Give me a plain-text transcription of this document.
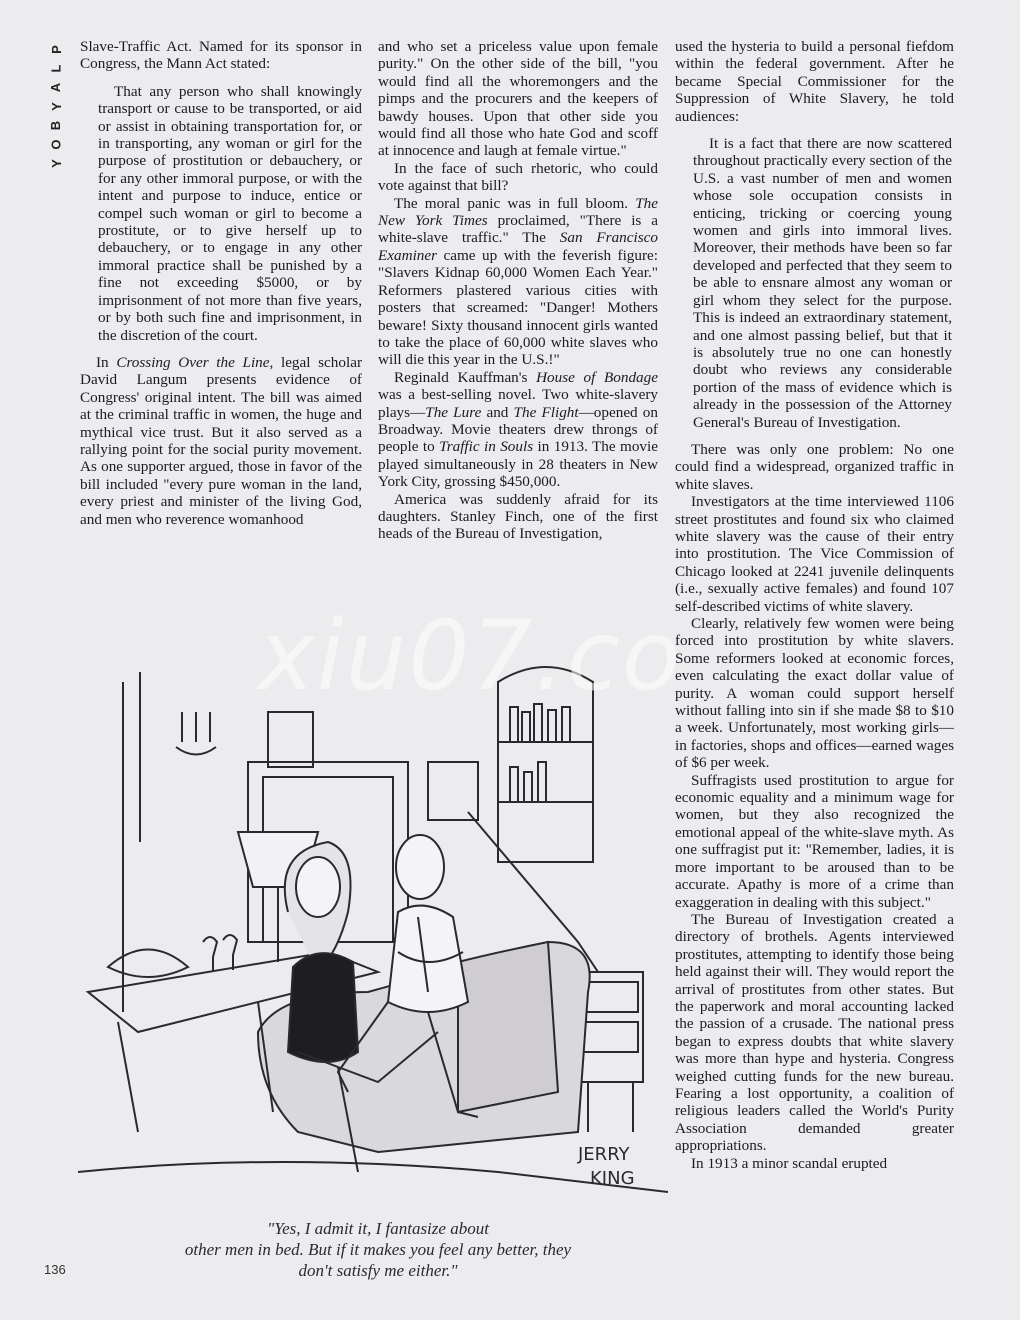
P
L
A
Y
B
O
Y

Slave-Traffic Act. Named for its sponsor in Congress, the Mann Act stated:

That any person who shall knowingly transport or cause to be transported, or aid or assist in obtaining transportation for, or in transporting, any woman or girl for the purpose of prostitution or debauchery, or for any other immoral purpose, or with the intent and purpose to induce, entice or compel such woman or girl to become a prostitute, or to give herself up to debauchery, or to engage in any other immoral practice shall be punished by a fine not exceeding $5000, or by imprisonment of not more than five years, or by both such fine and imprisonment, in the discretion of the court.

In Crossing Over the Line, legal scholar David Langum presents evidence of Congress' original intent. The bill was aimed at the criminal traffic in women, the huge and mythical vice trust. But it also served as a rallying point for the social purity movement. As one supporter argued, those in favor of the bill included "every pure woman in the land, every priest and minister of the living God, and men who reverence womanhood

and who set a priceless value upon female purity." On the other side of the bill, "you would find all the whoremongers and the pimps and the procurers and the keepers of bawdy houses. Upon that other side you would find all those who hate God and scoff at innocence and laugh at female virtue."

In the face of such rhetoric, who could vote against that bill?

The moral panic was in full bloom. The New York Times proclaimed, "There is a white-slave traffic." The San Francisco Examiner came up with the feverish figure: "Slavers Kidnap 60,000 Women Each Year." Reformers plastered various cities with posters that screamed: "Danger! Mothers beware! Sixty thousand innocent girls wanted to take the place of 60,000 white slaves who will die this year in the U.S.!"

Reginald Kauffman's House of Bondage was a best-selling novel. Two white-slavery plays—The Lure and The Flight—opened on Broadway. Movie theaters drew throngs of people to Traffic in Souls in 1913. The movie played simultaneously in 28 theaters in New York City, grossing $450,000.

America was suddenly afraid for its daughters. Stanley Finch, one of the first heads of the Bureau of Investigation,

used the hysteria to build a personal fiefdom within the federal government. After he became Special Commissioner for the Suppression of White Slavery, he told audiences:

It is a fact that there are now scattered throughout practically every section of the U.S. a vast number of men and women whose sole occupation consists in enticing, tricking or coercing young women and girls into immoral lives. Moreover, their methods have been so far developed and perfected that they seem to be able to ensnare almost any woman or girl whom they select for the purpose. This is indeed an extraordinary statement, and one almost passing belief, but that it is absolutely true no one can honestly doubt who reviews any considerable portion of the mass of evidence which is already in the possession of the Attorney General's Bureau of Investigation.

There was only one problem: No one could find a widespread, organized traffic in white slaves.

Investigators at the time interviewed 1106 street prostitutes and found six who claimed white slavery was the cause of their entry into prostitution. The Vice Commission of Chicago looked at 2241 juvenile delinquents (i.e., sexually active females) and found 107 self-described victims of white slavery.

Clearly, relatively few women were being forced into prostitution by white slavers. Some reformers looked at economic forces, even calculating the exact dollar value of purity. A woman could support herself without falling into sin if she made $8 to $10 a week. Unfortunately, most working girls—in factories, shops and offices—earned wages of $6 per week.

Suffragists used prostitution to argue for economic equality and a minimum wage for women, but they also recognized the emotional appeal of the white-slave myth. As one suffragist put it: "Remember, ladies, it is more important to be aroused than to be accurate. Apathy is more of a crime than exaggeration in dealing with this subject."

The Bureau of Investigation created a directory of brothels. Agents interviewed prostitutes, attempting to identify those being held against their will. They would report the arrival of prostitutes from other states. But the paperwork and moral accounting lacked the passion of a crusade. The national press began to express doubts that white slavery was more than hype and hysteria. Congress weighed cutting funds for the new bureau. Fearing a lost opportunity, a coalition of religious leaders called the World's Purity Association demanded greater appropriations.

In 1913 a minor scandal erupted

JERRY
KING
"Yes, I admit it, I fantasize about
other men in bed. But if it makes you feel any better, they
don't satisfy me either."
136
xiu07.co
